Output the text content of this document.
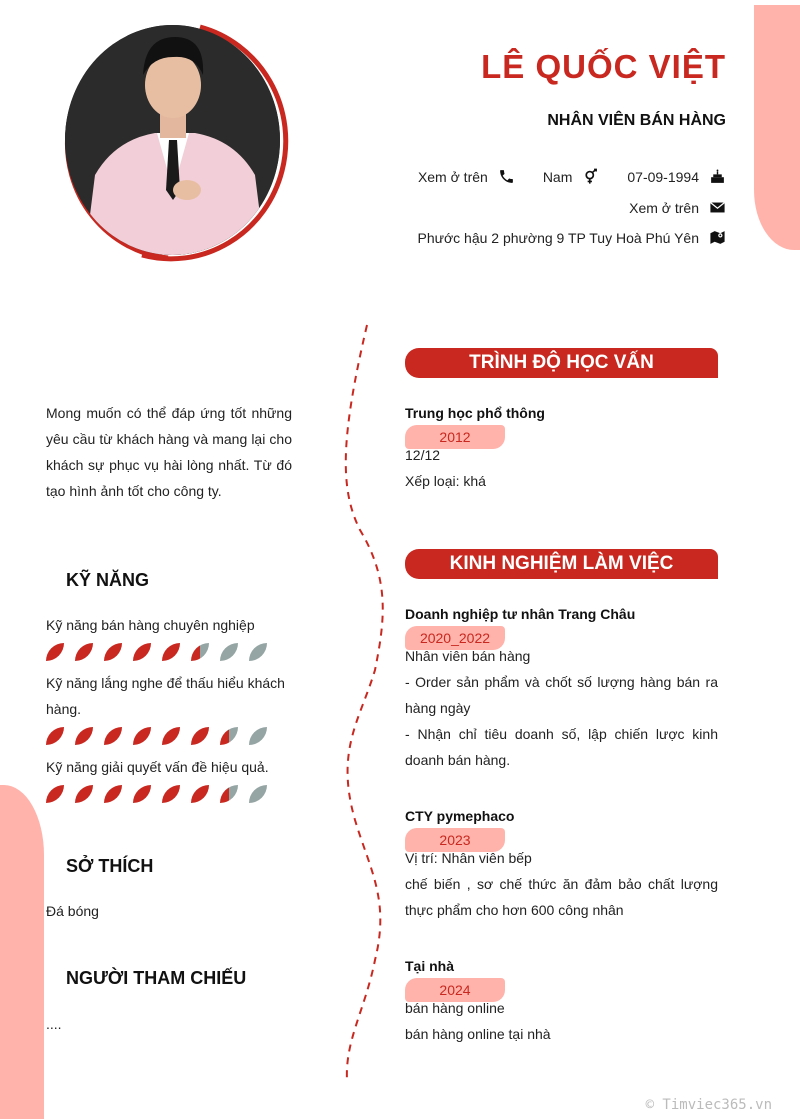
LÊ QUỐC VIỆT
NHÂN VIÊN BÁN HÀNG
Xem ở trên	Nam	07-09-1994
Xem ở trên
Phước hậu 2 phường 9 TP Tuy Hoà Phú Yên
Mong muốn có thể đáp ứng tốt những yêu cầu từ khách hàng và mang lại cho khách sự phục vụ hài lòng nhất. Từ đó tạo hình ảnh tốt cho công ty.
KỸ NĂNG
Kỹ năng bán hàng chuyên nghiệp
Kỹ năng lắng nghe để thấu hiểu khách hàng.
Kỹ năng giải quyết vấn đề hiệu quả.
SỞ THÍCH
Đá bóng
NGƯỜI THAM CHIẾU
....
TRÌNH ĐỘ HỌC VẤN
Trung học phổ thông
2012
12/12
Xếp loại: khá
KINH NGHIỆM LÀM VIỆC
Doanh nghiệp tư nhân Trang Châu
2020_2022
Nhân viên bán hàng
- Order sản phẩm và chốt số lượng hàng bán ra hàng ngày
- Nhận chỉ tiêu doanh số, lập chiến lược kinh doanh bán hàng.
CTY pymephaco
2023
Vị trí: Nhân viên bếp
chế biến , sơ chế thức ăn đảm bảo chất lượng thực phẩm cho hơn 600 công nhân
Tại nhà
2024
bán hàng online
bán hàng online tại nhà
© Timviec365.vn
